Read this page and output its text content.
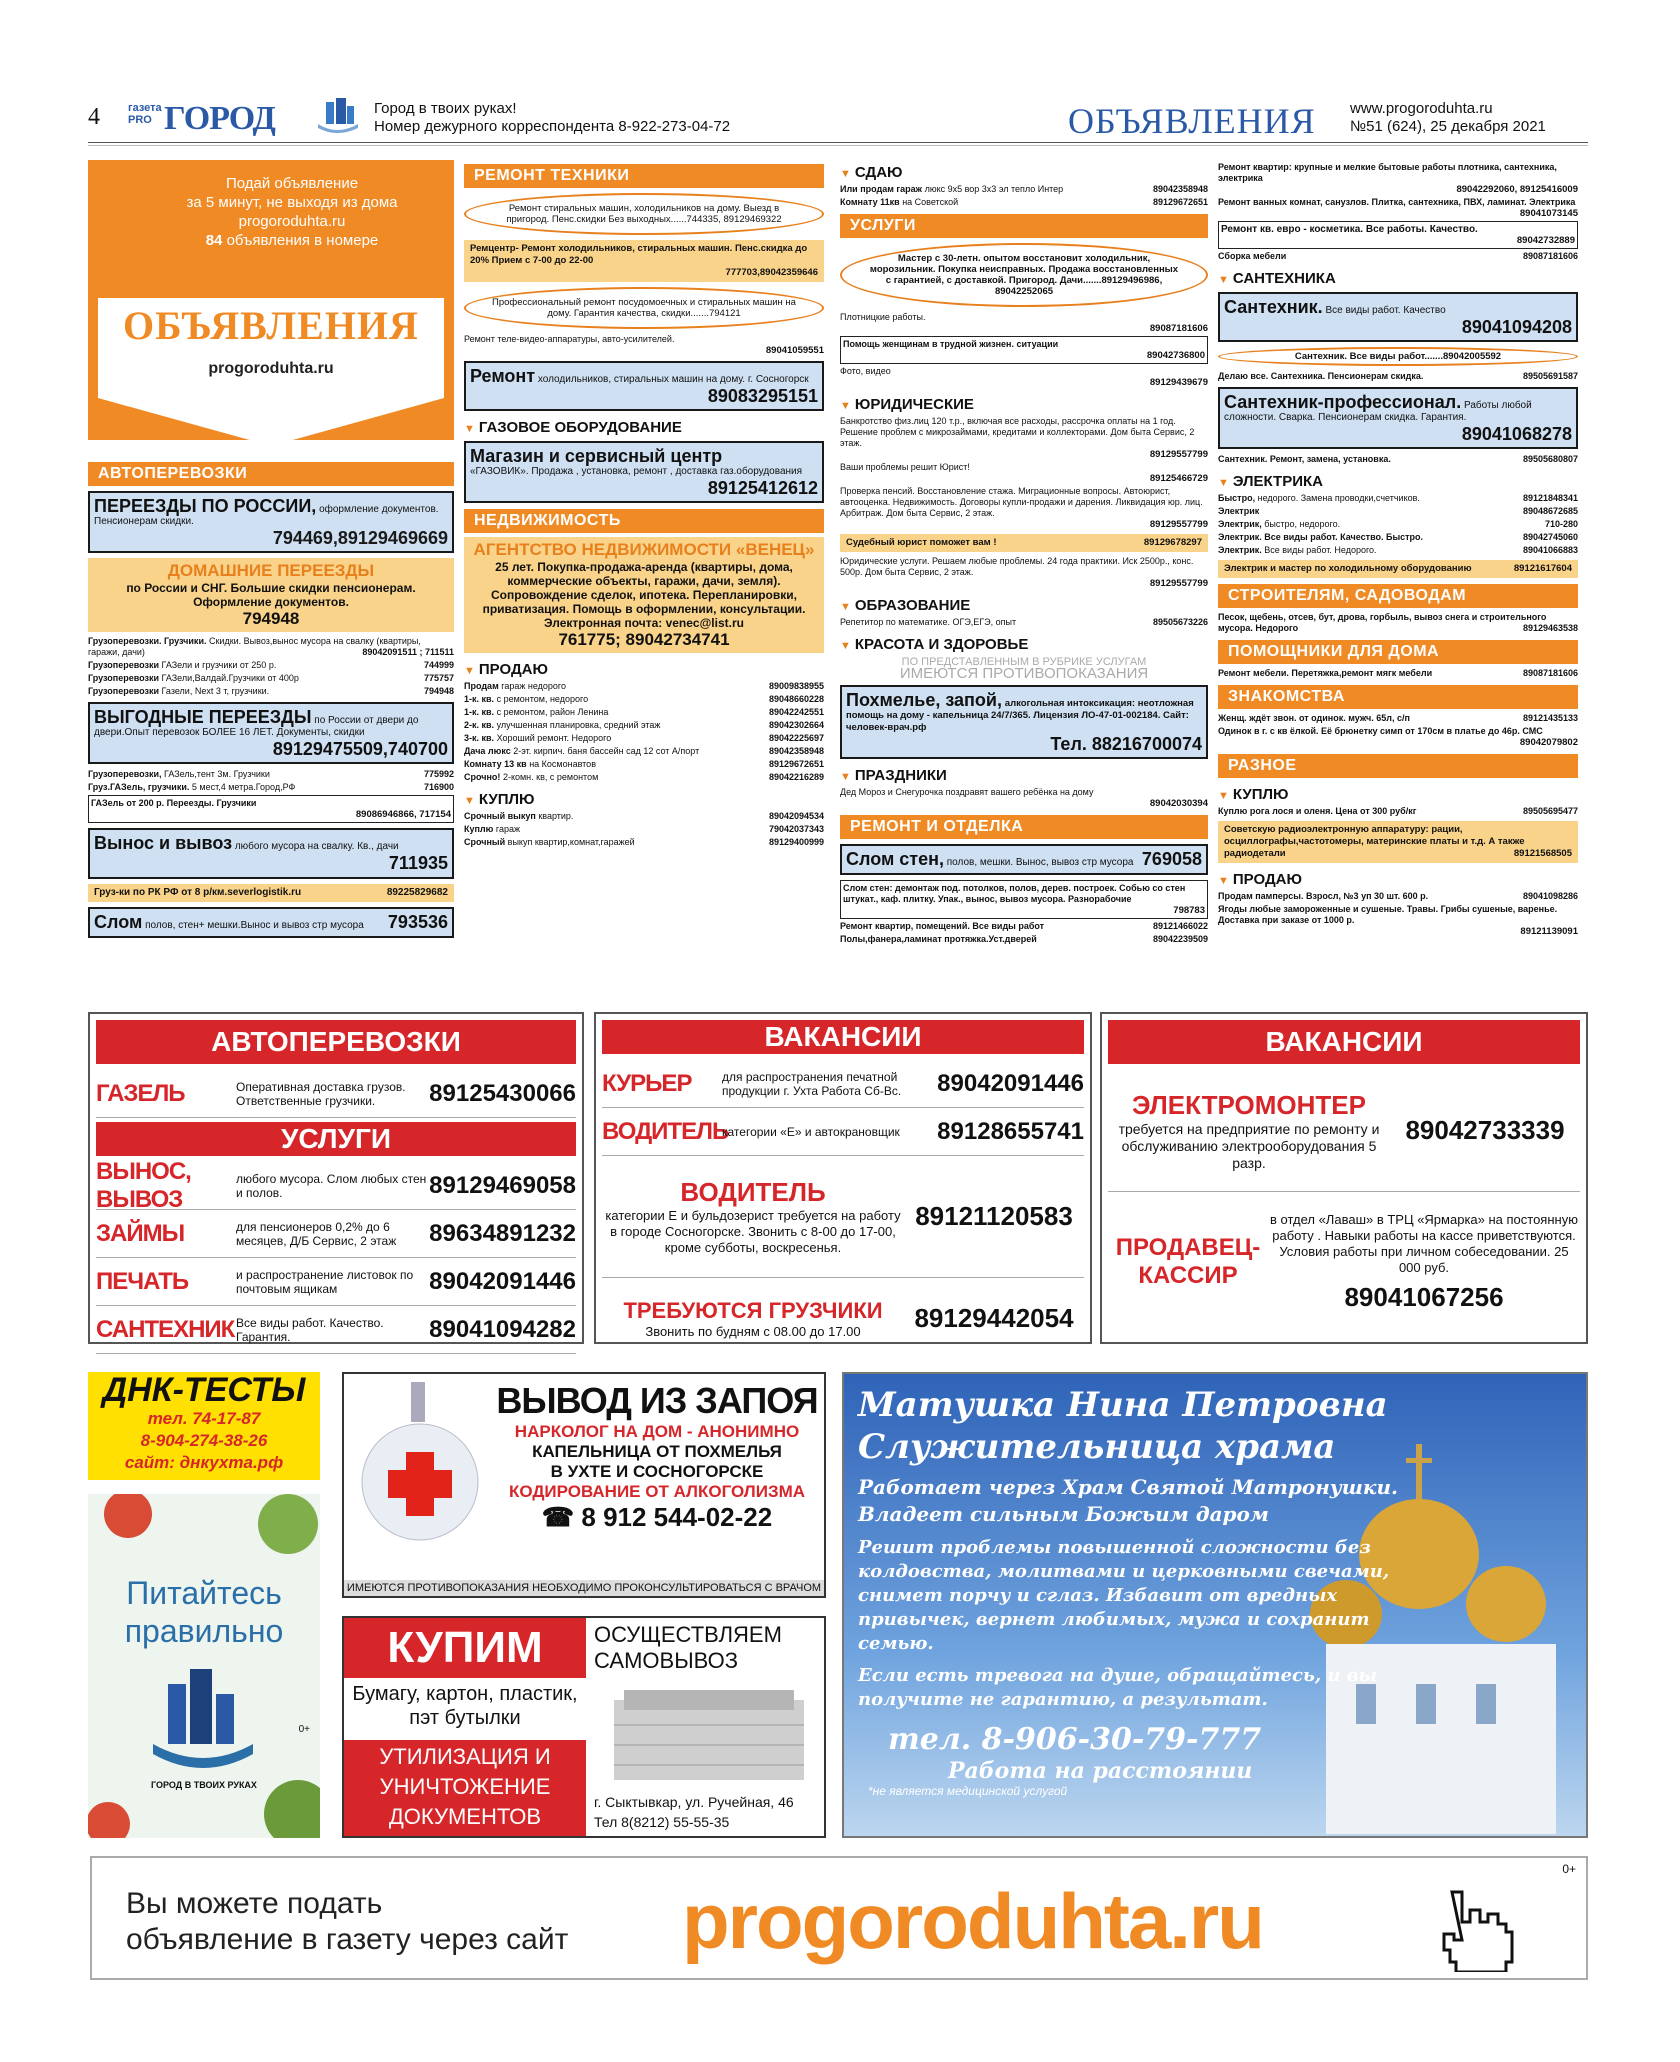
4	газета PRO ГОРОД	Город в твоих руках!
Номер дежурного корреспондента 8-922-273-04-72	ОБЪЯВЛЕНИЯ www.progoroduhta.ru
№51 (624), 25 декабря 2021
Подай объявление
за 5 минут, не выходя из дома
progoroduhta.ru
84 объявления в номере
ОБЪЯВЛЕНИЯ
progoroduhta.ru
АВТОПЕРЕВОЗКИ
ПЕРЕЕЗДЫ ПО РОССИИ, оформление документов. Пенсионерам скидки.
794469,89129469669
ДОМАШНИЕ ПЕРЕЕЗДЫ
по России и СНГ. Большие скидки пенсионерам. Оформление документов.
794948
Грузоперевозки. Грузчики. Скидки. Вывоз,вынос мусора на свалку (квартиры, гаражи, дачи)	89042091511 ; 711511
Грузоперевозки ГАЗели и грузчики от 250 р.	744999
Грузоперевозки ГАЗели,Валдай.Грузчики от 400р	775757
Грузоперевозки Газели, Next 3 т, грузчики.	794948
ВЫГОДНЫЕ ПЕРЕЕЗДЫ по России от двери до двери.Опыт перевозок БОЛЕЕ 16 ЛЕТ. Документы, скидки
89129475509,740700
Грузоперевозки, ГАЗель,тент 3м. Грузчики	775992
Груз.ГАЗель, грузчики. 5 мест,4 метра.Город,РФ	716900
ГАЗель от 200 р. Переезды. Грузчики
89086946866, 717154
Вынос и вывоз любого мусора на свалку. Кв., дачи
711935
Груз-ки по РК РФ от 8 р/км.severlogistik.ru	89225829682
Слом полов, стен+ мешки.Вынос и вывоз стр мусора 793536
РЕМОНТ ТЕХНИКИ
Ремонт стиральных машин, холодильников на дому. Выезд в пригород. Пенс.скидки Без выходных......744335, 89129469322
Ремцентр- Ремонт холодильников, стиральных машин. Пенс.скидка до 20% Прием с 7-00 до 22-00
777703,89042359646
Профессиональный ремонт посудомоечных и стиральных машин на дому. Гарантия качества, скидки.......794121
Ремонт теле-видео-аппаратуры, авто-усилителей.
89041059551
Ремонт холодильников, стиральных машин на дому. г. Сосногорск
89083295151
▼ ГАЗОВОЕ ОБОРУДОВАНИЕ
Магазин и сервисный центр
«ГАЗОВИК». Продажа , установка, ремонт , доставка газ.оборудования
89125412612
НЕДВИЖИМОСТЬ
АГЕНТСТВО НЕДВИЖИМОСТИ «ВЕНЕЦ»
25 лет. Покупка-продажа-аренда (квартиры, дома, коммерческие объекты, гаражи, дачи, земля). Сопровождение сделок, ипотека. Перепланировки, приватизация. Помощь в оформлении, консультации. Электронная почта: venec@list.ru
761775; 89042734741
▼ ПРОДАЮ
Продам гараж недорого	89009838955
1-к. кв. с ремонтом, недорого	89048660228
1-к. кв. с ремонтом, район Ленина	89042242551
2-к. кв. улучшенная планировка, средний этаж	89042302664
3-к. кв. Хороший ремонт. Недорого	89042225697
Дача люкс 2-эт. кирпич. баня бассейн сад 12 сот А/порт	89042358948
Комнату 13 кв на Космонавтов	89129672651
Срочно! 2-комн. кв, с ремонтом	89042216289
▼ КУПЛЮ
Срочный выкуп квартир.	89042094534
Куплю гараж	79042037343
Срочный выкуп квартир,комнат,гаражей	89129400999
▼ СДАЮ
Или продам гараж люкс 9х5 вор 3х3 эл тепло Интер	89042358948
Комнату 11кв на Советской	89129672651
УСЛУГИ
Мастер с 30-летн. опытом восстановит холодильник, морозильник. Покупка неисправных. Продажа восстановленных с гарантией, с доставкой. Пригород. Дачи.......89129496986, 89042252065
Плотницкие работы.
89087181606
Помощь женщинам в трудной жизнен. ситуации
89042736800
Фото, видео
89129439679
▼ ЮРИДИЧЕСКИЕ
Банкротство физ.лиц 120 т.р., включая все расходы, рассрочка оплаты на 1 год. Решение проблем с микрозаймами, кредитами и коллекторами. Дом быта Сервис, 2 этаж.
89129557799
Ваши проблемы решит Юрист!
89125466729
Проверка пенсий. Восстановление стажа. Миграционные вопросы. Автоюрист, автооценка. Недвижимость. Договоры купли-продажи и дарения. Ликвидация юр. лиц. Арбитраж. Дом быта Сервис, 2 этаж.
89129557799
Судебный юрист поможет вам !	89129678297
Юридические услуги. Решаем любые проблемы. 24 года практики. Иск 2500р., конс. 500р. Дом быта Сервис, 2 этаж.
89129557799
▼ ОБРАЗОВАНИЕ
Репетитор по математике. ОГЭ,ЕГЭ, опыт	89505673226
▼ КРАСОТА И ЗДОРОВЬЕ
ПО ПРЕДСТАВЛЕННЫМ В РУБРИКЕ УСЛУГАМ
ИМЕЮТСЯ ПРОТИВОПОКАЗАНИЯ
Похмелье, запой, алкогольная интоксикация: неотложная помощь на дому - капельница 24/7/365. Лицензия ЛО-47-01-002184. Сайт: человек-врач.рф
Тел. 88216700074
▼ ПРАЗДНИКИ
Дед Мороз и Снегурочка поздравят вашего ребёнка на дому
89042030394
РЕМОНТ И ОТДЕЛКА
Слом стен, полов, мешки. Вынос, вывоз стр мусора 769058
Слом стен: демонтаж под. потолков, полов, дерев. построек. Собью со стен штукат., каф. плитку. Упак., вынос, вывоз мусора. Разнорабочие
798783
Ремонт квартир, помещений. Все виды работ	89121466022
Полы,фанера,ламинат протяжка.Уст.дверей	89042239509
Ремонт квартир: крупные и мелкие бытовые работы плотника, сантехника, электрика
89042292060, 89125416009
Ремонт ванных комнат, санузлов. Плитка, сантехника, ПВХ, ламинат. Электрика
89041073145
Ремонт кв. евро - косметика. Все работы. Качество.
89042732889
Сборка мебели	89087181606
▼ САНТЕХНИКА
Сантехник. Все виды работ. Качество
89041094208
Сантехник. Все виды работ.......89042005592
Делаю все. Сантехника. Пенсионерам скидка.	89505691587
Сантехник-профессионал. Работы любой сложности. Сварка. Пенсионерам скидка. Гарантия.
89041068278
Сантехник. Ремонт, замена, установка.	89505680807
▼ ЭЛЕКТРИКА
Быстро, недорого. Замена проводки,счетчиков.	89121848341
Электрик	89048672685
Электрик, быстро, недорого.	710-280
Электрик. Все виды работ. Качество. Быстро.	89042745060
Электрик. Все виды работ. Недорого.	89041066883
Электрик и мастер по холодильному оборудованию	89121617604
СТРОИТЕЛЯМ, САДОВОДАМ
Песок, щебень, отсев, бут, дрова, горбыль, вывоз снега и строительного мусора. Недорого	89129463538
ПОМОЩНИКИ ДЛЯ ДОМА
Ремонт мебели. Перетяжка,ремонт мягк мебели	89087181606
ЗНАКОМСТВА
Женщ. ждёт звон. от одинок. мужч. 65л, с/п	89121435133
Одинок в г. с кв ёлкой. Её брюнетку симп от 170см в платье до 46р. СМС
89042079802
РАЗНОЕ
▼ КУПЛЮ
Куплю рога лося и оленя. Цена от 300 руб/кг	89505695477
Советскую радиоэлектронную аппаратуру: рации, осциллографы,частотомеры, материнские платы и т.д. А также радиодетали	89121568505
▼ ПРОДАЮ
Продам памперсы. Взросл, №3 уп 30 шт. 600 р.	89041098286
Ягоды любые замороженные и сушеные. Травы. Грибы сушеные, варенье. Доставка при заказе от 1000 р.
89121139091
АВТОПЕРЕВОЗКИ
ГАЗЕЛЬ	Оперативная доставка грузов. Ответственные грузчики.	89125430066
УСЛУГИ
ВЫНОС, ВЫВОЗ
любого мусора. Слом любых стен и полов.	89129469058
ЗАЙМЫ	для пенсионеров 0,2% до 6 месяцев, Д/Б Сервис, 2 этаж	89634891232
ПЕЧАТЬ	и распространение листовок по почтовым ящикам	89042091446
САНТЕХНИК Все виды работ. Качество. Гарантия.	89041094282
ВАКАНСИИ
КУРЬЕР	для распространения печатной продукции г. Ухта Работа Сб-Вс.	89042091446
ВОДИТЕЛЬ
категории «Е» и автокрановщик	89128655741
ВОДИТЕЛЬ
категории Е и бульдозерист требуется на работу в городе Сосногорске. Звонить с 8-00 до 17-00, кроме субботы, воскресенья.
89121120583
ТРЕБУЮТСЯ ГРУЗЧИКИ
Звонить по будням с 08.00 до 17.00	89129442054
ВАКАНСИИ
ЭЛЕКТРОМОНТЕР
требуется на предприятие по ремонту и обслуживанию электрооборудования 5 разр.
89042733339
ПРОДАВЕЦ-КАССИР
в отдел «Лаваш» в ТРЦ «Ярмарка» на постоянную работу . Навыки работы на кассе приветствуются. Условия работы при личном собеседовании. 25 000 руб.
89041067256
ДНК-ТЕСТЫ
тел. 74-17-87
8-904-274-38-26
сайт: днкухта.рф
Питайтесь
правильно
ГОРОД В ТВОИХ РУКАХ
0+
ВЫВОД ИЗ ЗАПОЯ
НАРКОЛОГ НА ДОМ - АНОНИМНО
КАПЕЛЬНИЦА ОТ ПОХМЕЛЬЯ
В УХТЕ И СОСНОГОРСКЕ
КОДИРОВАНИЕ ОТ АЛКОГОЛИЗМА
☎ 8 912 544-02-22
ИМЕЮТСЯ ПРОТИВОПОКАЗАНИЯ НЕОБХОДИМО ПРОКОНСУЛЬТИРОВАТЬСЯ С ВРАЧОМ
КУПИМ
Бумагу, картон, пластик, пэт бутылки
УТИЛИЗАЦИЯ И УНИЧТОЖЕНИЕ ДОКУМЕНТОВ
ОСУЩЕСТВЛЯЕМ САМОВЫВОЗ
г. Сыктывкар, ул. Ручейная, 46
Тел 8(8212) 55-55-35
Матушка Нина Петровна
Служительница храма
Работает через Храм Святой Матронушки. Владеет сильным Божьим даром
Решит проблемы повышенной сложности без колдовства, молитвами и церковными свечами, снимет порчу и сглаз. Избавит от вредных привычек, вернет любимых, мужа и сохранит семью.
Если есть тревога на душе, обращайтесь, и вы получите не гарантию, а результат.
тел. 8-906-30-79-777
Работа на расстоянии
*не является медицинской услугой
Вы можете подать
объявление в газету через сайт progoroduhta.ru
0+
